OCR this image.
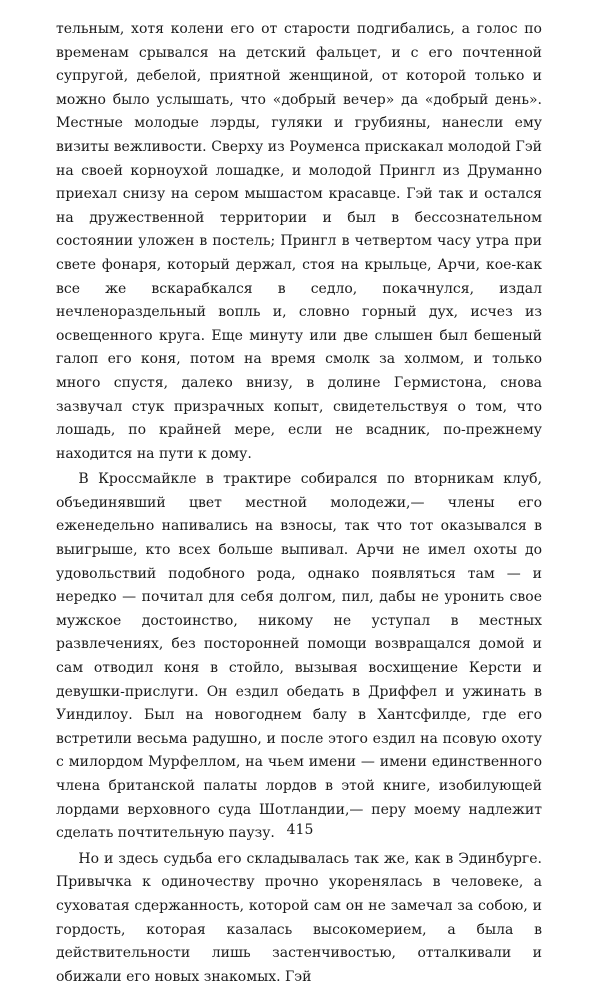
тельным, хотя колени его от старости подгибались, а голос по временам срывался на детский фальцет, и с его почтенной супругой, дебелой, приятной женщиной, от которой только и можно было услышать, что «добрый вечер» да «добрый день». Местные молодые лэрды, гуляки и грубияны, нанесли ему визиты вежливости. Сверху из Роуменса прискакал молодой Гэй на своей корноухой лошадке, и молодой Прингл из Друманно приехал снизу на сером мышастом красавце. Гэй так и остался на дружественной территории и был в бессознательном состоянии уложен в постель; Прингл в четвертом часу утра при свете фонаря, который держал, стоя на крыльце, Арчи, кое-как все же вскарабкался в седло, покачнулся, издал нечленораздельный вопль и, словно горный дух, исчез из освещенного круга. Еще минуту или две слышен был бешеный галоп его коня, потом на время смолк за холмом, и только много спустя, далеко внизу, в долине Гермистона, снова зазвучал стук призрачных копыт, свидетельствуя о том, что лошадь, по крайней мере, если не всадник, по-прежнему находится на пути к дому.

В Кроссмайкле в трактире собирался по вторникам клуб, объединявший цвет местной молодежи,— члены его еженедельно напивались на взносы, так что тот оказывался в выигрыше, кто всех больше выпивал. Арчи не имел охоты до удовольствий подобного рода, однако появляться там — и нередко — почитал для себя долгом, пил, дабы не уронить свое мужское достоинство, никому не уступал в местных развлечениях, без посторонней помощи возвращался домой и сам отводил коня в стойло, вызывая восхищение Керсти и девушки-прислуги. Он ездил обедать в Дриффел и ужинать в Уиндилоу. Был на новогоднем балу в Хантсфилде, где его встретили весьма радушно, и после этого ездил на псовую охоту с милордом Мурфеллом, на чьем имени — имени единственного члена британской палаты лордов в этой книге, изобилующей лордами верховного суда Шотландии,— перу моему надлежит сделать почтительную паузу.

Но и здесь судьба его складывалась так же, как в Эдинбурге. Привычка к одиночеству прочно укоренялась в человеке, а суховатая сдержанность, которой сам он не замечал за собою, и гордость, которая казалась высокомерием, а была в действительности лишь застенчивостью, отталкивали и обижали его новых знакомых. Гэй

415
